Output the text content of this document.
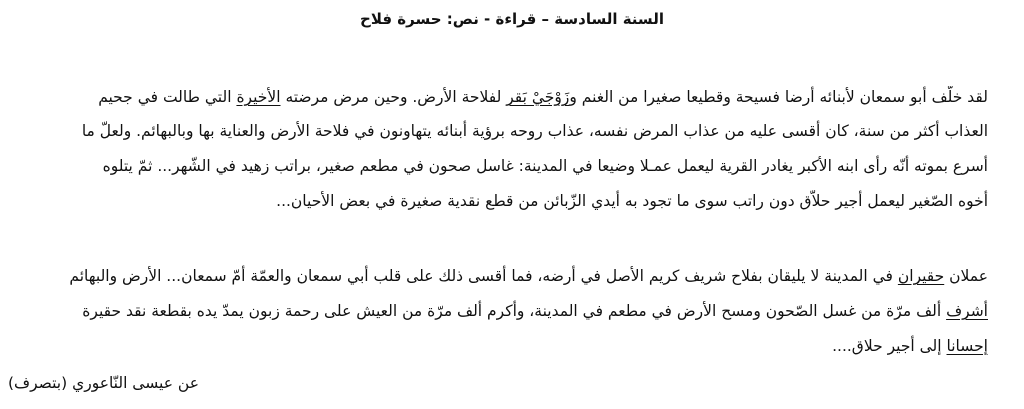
السنة السادسة – قراءة - نص: حسرة فلاح
لقد خلّف أبو سمعان لأبنائه أرضا فسيحة وقطيعا صغيرا من الغنم وزَوْجَيْ بَقر لفلاحة الأرض. وحين مرض مرضته الأخيرة التي طالت في جحيم
العذاب أكثر من سنة، كان أقسى عليه من عذاب المرض نفسه، عذاب روحه برؤية أبنائه يتهاونون في فلاحة الأرض والعناية بها وبالبهائم. ولعلّ ما
أسرع بموته أنّه رأى ابنه الأكبر يغادر القرية ليعمل عمـلا وضيعا في المدينة: غاسل صحون في مطعم صغير، براتب زهيد في الشّهر... ثمّ يتلوه
أخوه الصّغير ليعمل أجير حلاّق دون راتب سوى ما تجود به أيدي الزّبائن من قطع نقدية صغيرة في بعض الأحيان...
عملان حقيران في المدينة لا يليقان بفلاح شريف كريم الأصل في أرضه، فما أقسى ذلك على قلب أبي سمعان والعمّة أمّ سمعان... الأرض والبهائم
أشرف ألف مرّة من غسل الصّحون ومسح الأرض في مطعم في المدينة، وأكرم ألف مرّة من العيش على رحمة زبون يمدّ يده بقطعة نقد حقيرة
إحسانا إلى أجير حلاق....
عن عيسى النّاعوري (بتصرف)
